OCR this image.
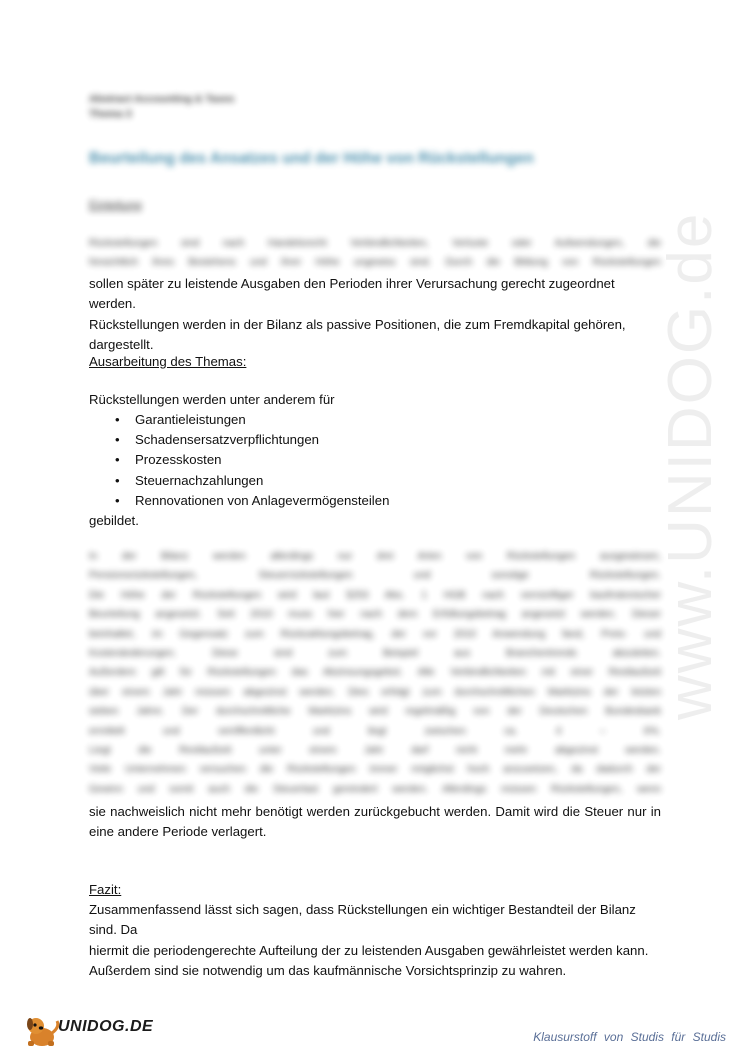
Abstract Accounting & Taxes
Thema 3
Beurteilung des Ansatzes und der Höhe von Rückstellungen
Einleitung
Rückstellungen sind nach Handelsrecht Verbindlichkeiten, Verluste oder Aufwendungen, die
hinsichtlich ihres Bestehens und ihrer Höhe ungewiss sind. Durch die Bildung von Rückstellungen
sollen später zu leistende Ausgaben den Perioden ihrer Verursachung gerecht zugeordnet werden.
Rückstellungen werden in der Bilanz als passive Positionen, die zum Fremdkapital gehören,
dargestellt.
Ausarbeitung des Themas:
Rückstellungen werden unter anderem für
• Garantieleistungen
• Schadensersatzverpflichtungen
• Prozesskosten
• Steuernachzahlungen
• Rennovationen von Anlagevermögensteilen
gebildet.
In der Bilanz werden allerdings nur drei Arten von Rückstellungen ausgewiesen,
Pensionsrückstellungen, Steuerrückstellungen und sonstige Rückstellungen.
Die Höhe der Rückstellungen wird laut §253 Abs. 1 HGB nach vernünftiger kaufmännischer
Beurteilung angesetzt. Seit 2010 muss hier nach dem Erfüllungsbetrag angesetzt werden. Dieser
beinhaltet, im Gegensatz zum Rückzahlungsbetrag, der vor 2010 Anwendung fand, Preis- und
Kostenänderungen. Diese sind zum Beispiel aus Branchentrends abzuleiten.
Außerdem gilt für Rückstellungen das Abzinsungsgebot. Alle Verbindlichkeiten mit einer Restlaufzeit
über einem Jahr müssen abgezinst werden. Dies erfolgt zum durchschnittlichen Marktzins der letzten
sieben Jahre. Der durchschnittliche Marktzins wird regelmäßig von der Deutschen Bundesbank
ermittelt und veröffentlicht und liegt zwischen ca. 4 – 6%.
Liegt die Restlaufzeit unter einem Jahr darf nicht mehr abgezinst werden.
Viele Unternehmen versuchen die Rückstellungen immer möglichst hoch anzusetzen, da dadurch der
Gewinn und somit auch die Steuerlast gemindert werden. Allerdings müssen Rückstellungen, wenn
sie nachweislich nicht mehr benötigt werden zurückgebucht werden. Damit wird die Steuer nur in
eine andere Periode verlagert.
Fazit:
Zusammenfassend lässt sich sagen, dass Rückstellungen ein wichtiger Bestandteil der Bilanz sind. Da
hiermit die periodengerechte Aufteilung der zu leistenden Ausgaben gewährleistet werden kann.
Außerdem sind sie notwendig um das kaufmännische Vorsichtsprinzip zu wahren.
www.UNIDOG.de
UNIDOG.DE
Klausurstoff von Studis für Studis
